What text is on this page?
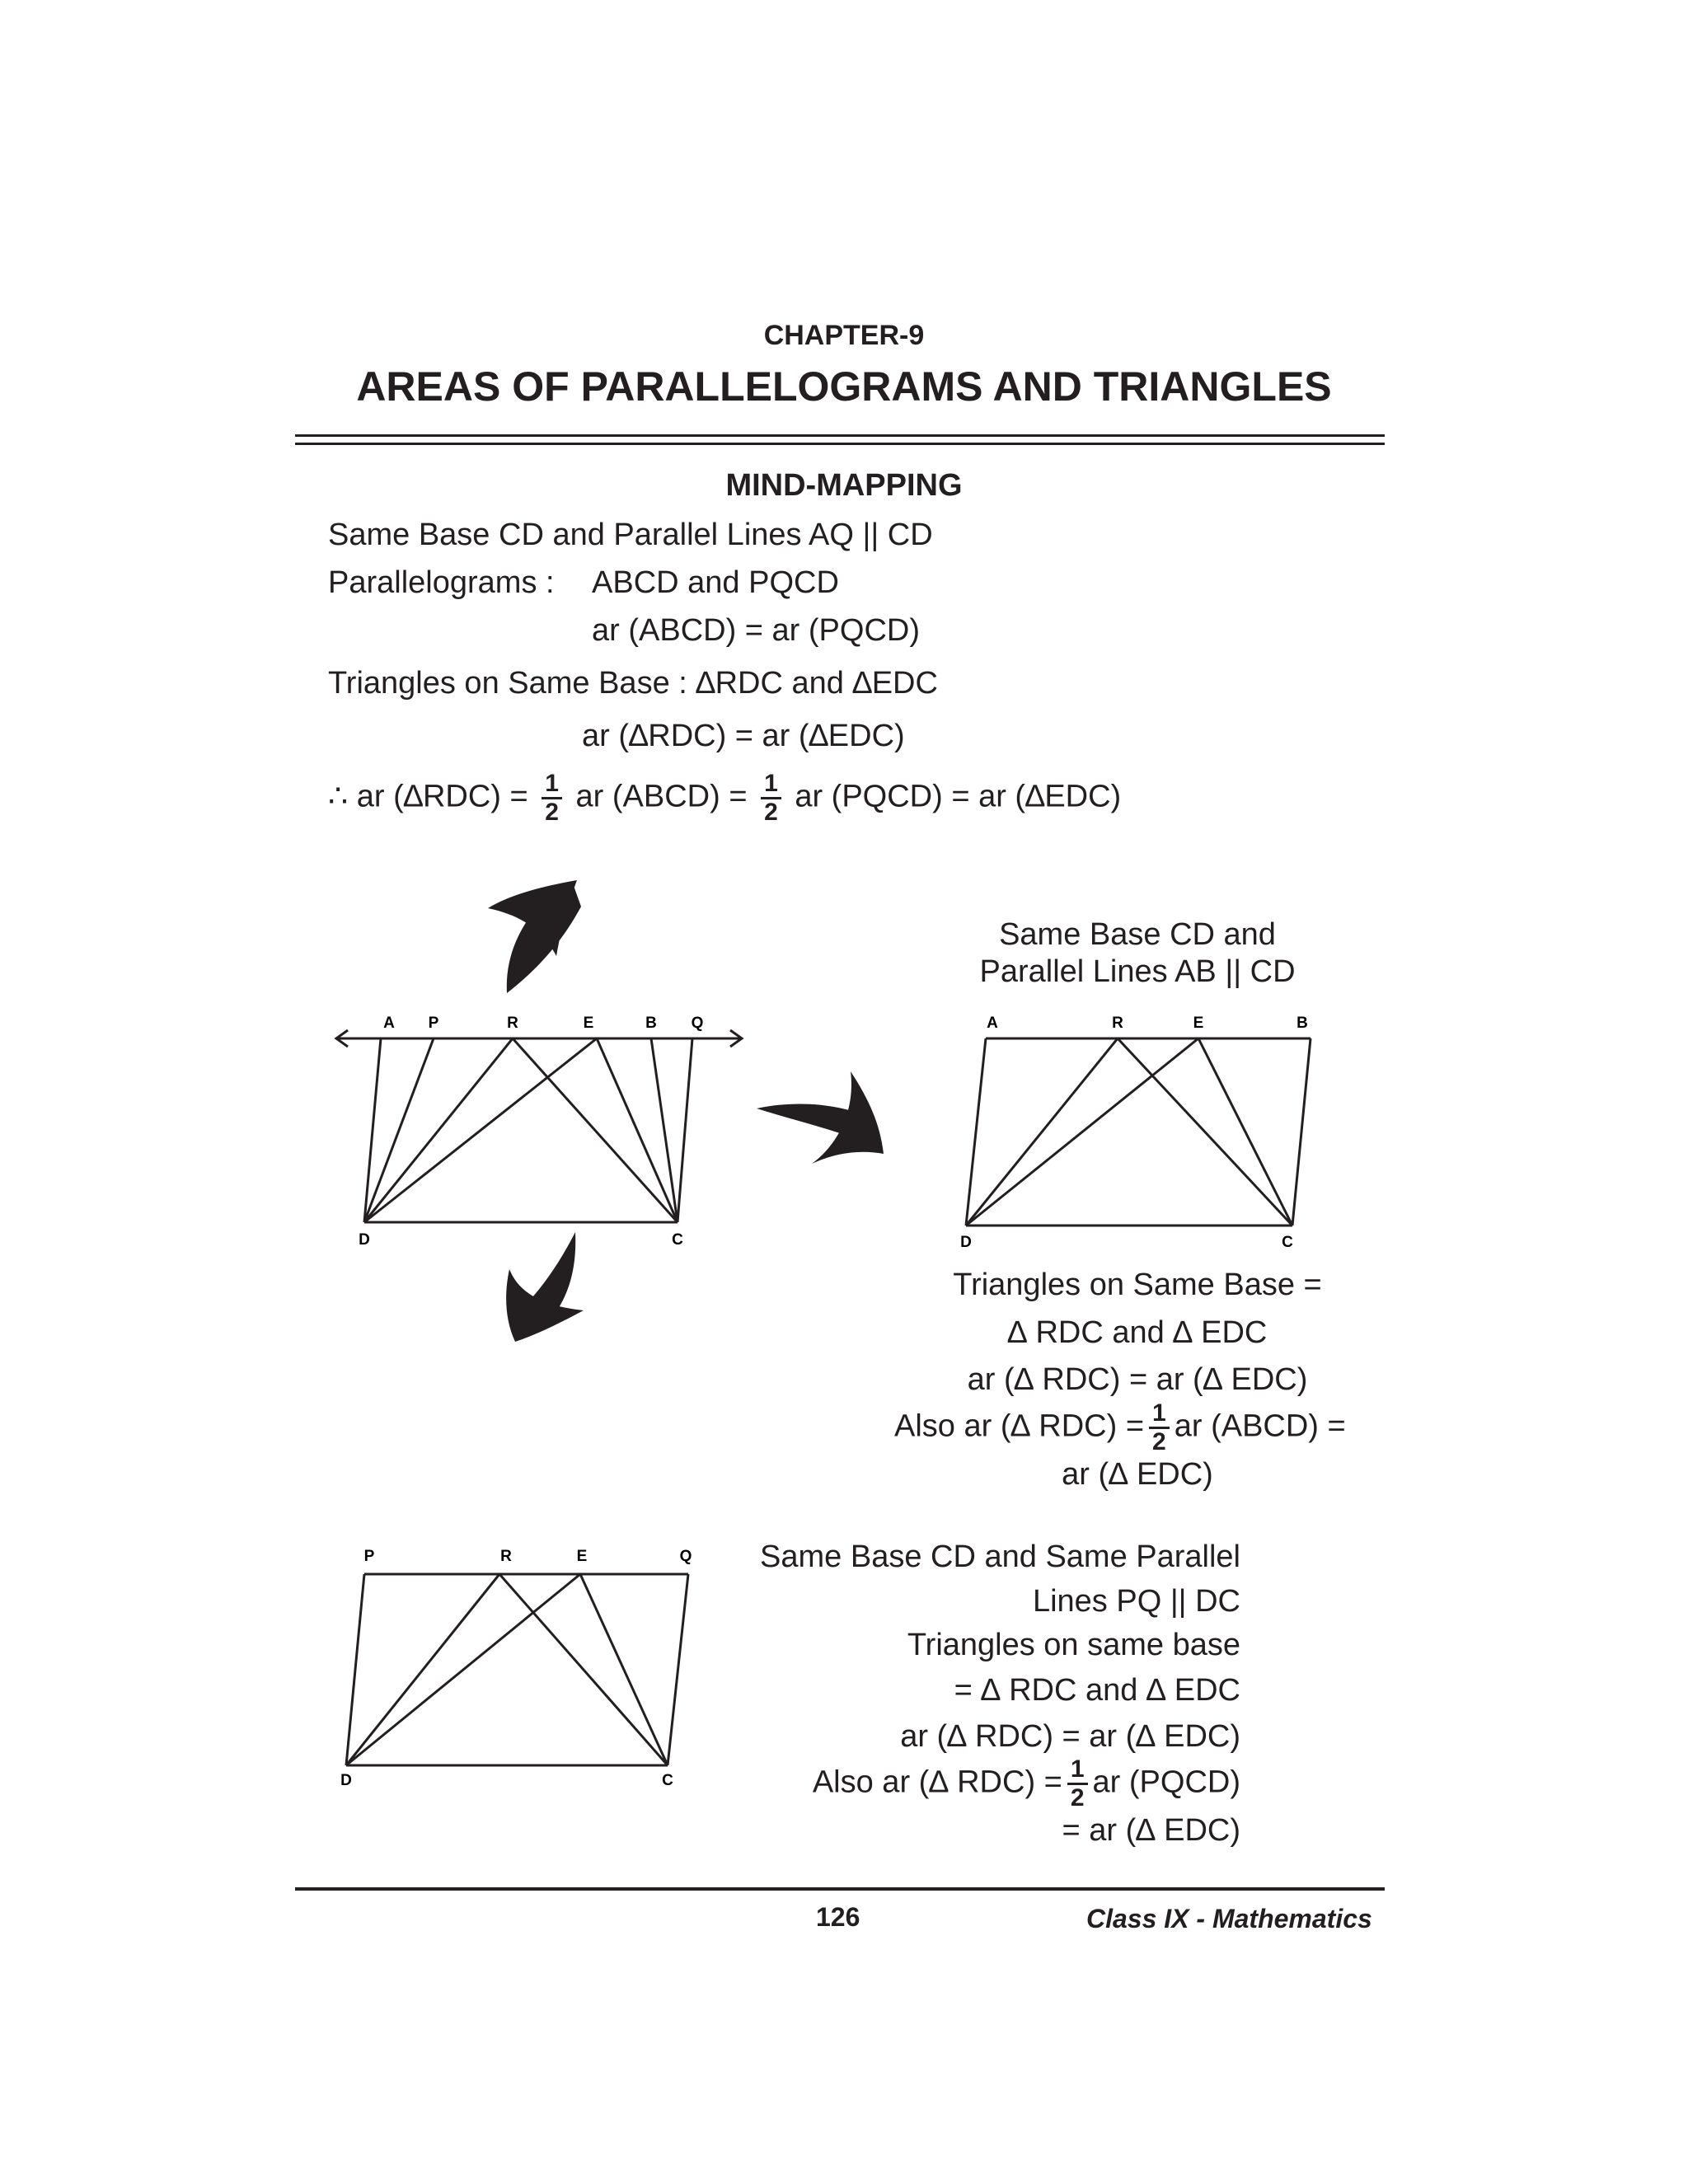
CHAPTER-9
AREAS OF PARALLELOGRAMS AND TRIANGLES
MIND-MAPPING
Same Base CD and Parallel Lines AQ || CD
Parallelograms : ABCD and PQCD
ar (ABCD) = ar (PQCD)
Triangles on Same Base : ∆RDC and ∆EDC
ar (∆RDC) = ar (∆EDC)
∴ ar $(\Delta RDC) = \frac{1}{2}$ ar (ABCD) = $\frac{1}{2}$ ar (PQCD) = ar (∆EDC)
A P	R	E	B Q
D	C
Same Base CD and
Parallel Lines AB || CD
A	R	E	B
D	C
Triangles on Same Base =
∆ RDC and ∆ EDC
ar (∆ RDC) = ar (∆ EDC)
Also ar (∆ $RDC) = \frac{1}{2}$ ar (ABCD) =
ar (∆ EDC)
P	R	E	Q
D	C
Same Base CD and Same Parallel
Lines PQ || DC
Triangles on same base
= ∆ RDC and ∆ EDC
ar (∆ RDC) = ar (∆ EDC)
Also ar (∆ $RDC) = \frac{1}{2}$ ar (PQCD)
= ar (∆ EDC)
126	Class IX - Mathematics
